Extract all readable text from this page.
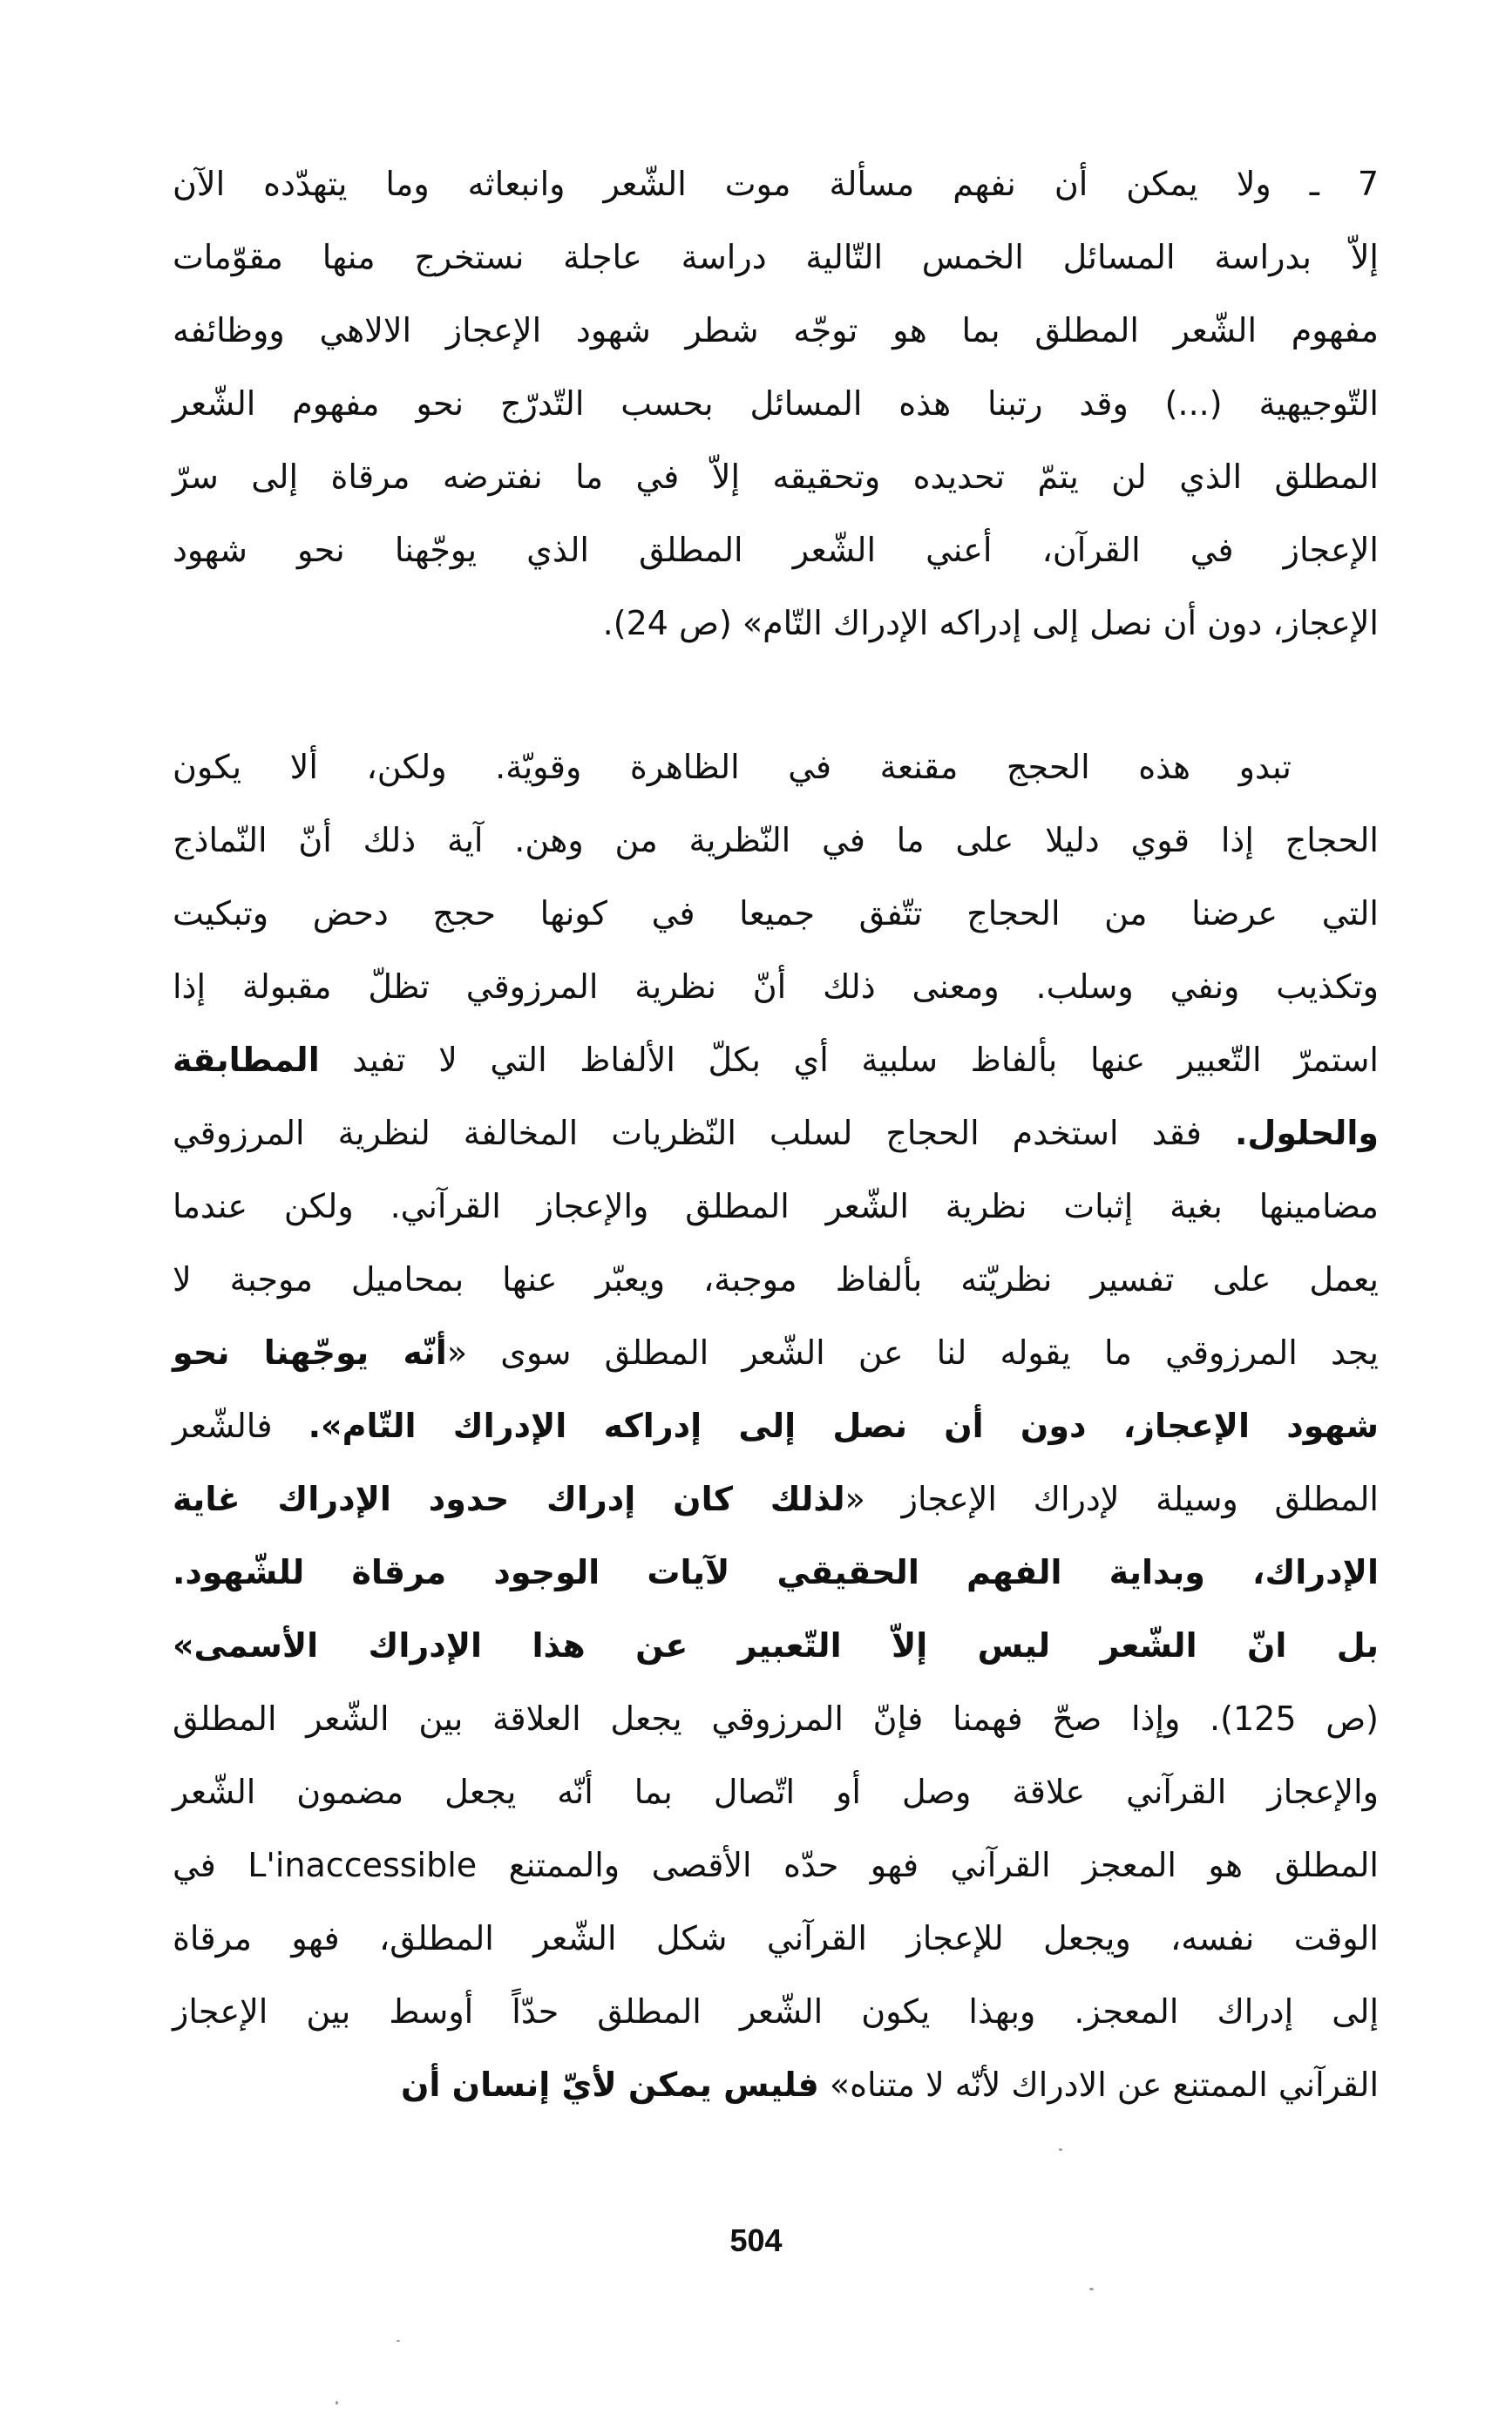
7 ـ ولا يمكن أن نفهم مسألة موت الشّعر وانبعاثه وما يتهدّده الآن
إلاّ بدراسة المسائل الخمس التّالية دراسة عاجلة نستخرج منها مقوّمات
مفهوم الشّعر المطلق بما هو توجّه شطر شهود الإعجاز الالاهي ووظائفه
التّوجيهية (...) وقد رتبنا هذه المسائل بحسب التّدرّج نحو مفهوم الشّعر
المطلق الذي لن يتمّ تحديده وتحقيقه إلاّ في ما نفترضه مرقاة إلى سرّ
الإعجاز في القرآن، أعني الشّعر المطلق الذي يوجّهنا نحو شهود
الإعجاز، دون أن نصل إلى إدراكه الإدراك التّام» (ص 24).
تبدو هذه الحجج مقنعة في الظاهرة وقويّة. ولكن، ألا يكون
الحجاج إذا قوي دليلا على ما في النّظرية من وهن. آية ذلك أنّ النّماذج
التي عرضنا من الحجاج تتّفق جميعا في كونها حجج دحض وتبكيت
وتكذيب ونفي وسلب. ومعنى ذلك أنّ نظرية المرزوقي تظلّ مقبولة إذا
استمرّ التّعبير عنها بألفاظ سلبية أي بكلّ الألفاظ التي لا تفيد المطابقة
والحلول. فقد استخدم الحجاج لسلب النّظريات المخالفة لنظرية المرزوقي
مضامينها بغية إثبات نظرية الشّعر المطلق والإعجاز القرآني. ولكن عندما
يعمل على تفسير نظريّته بألفاظ موجبة، ويعبّر عنها بمحاميل موجبة لا
يجد المرزوقي ما يقوله لنا عن الشّعر المطلق سوى «أنّه يوجّهنا نحو
شهود الإعجاز، دون أن نصل إلى إدراكه الإدراك التّام». فالشّعر
المطلق وسيلة لإدراك الإعجاز «لذلك كان إدراك حدود الإدراك غاية
الإدراك، وبداية الفهم الحقيقي لآيات الوجود مرقاة للشّهود.
بل انّ الشّعر ليس إلاّ التّعبير عن هذا الإدراك الأسمى»
(ص 125). وإذا صحّ فهمنا فإنّ المرزوقي يجعل العلاقة بين الشّعر المطلق
والإعجاز القرآني علاقة وصل أو اتّصال بما أنّه يجعل مضمون الشّعر
المطلق هو المعجز القرآني فهو حدّه الأقصى والممتنع L'inaccessible في
الوقت نفسه، ويجعل للإعجاز القرآني شكل الشّعر المطلق، فهو مرقاة
إلى إدراك المعجز. وبهذا يكون الشّعر المطلق حدّاً أوسط بين الإعجاز
القرآني الممتنع عن الادراك لأنّه لا متناه» فليس يمكن لأيّ إنسان أن
504
